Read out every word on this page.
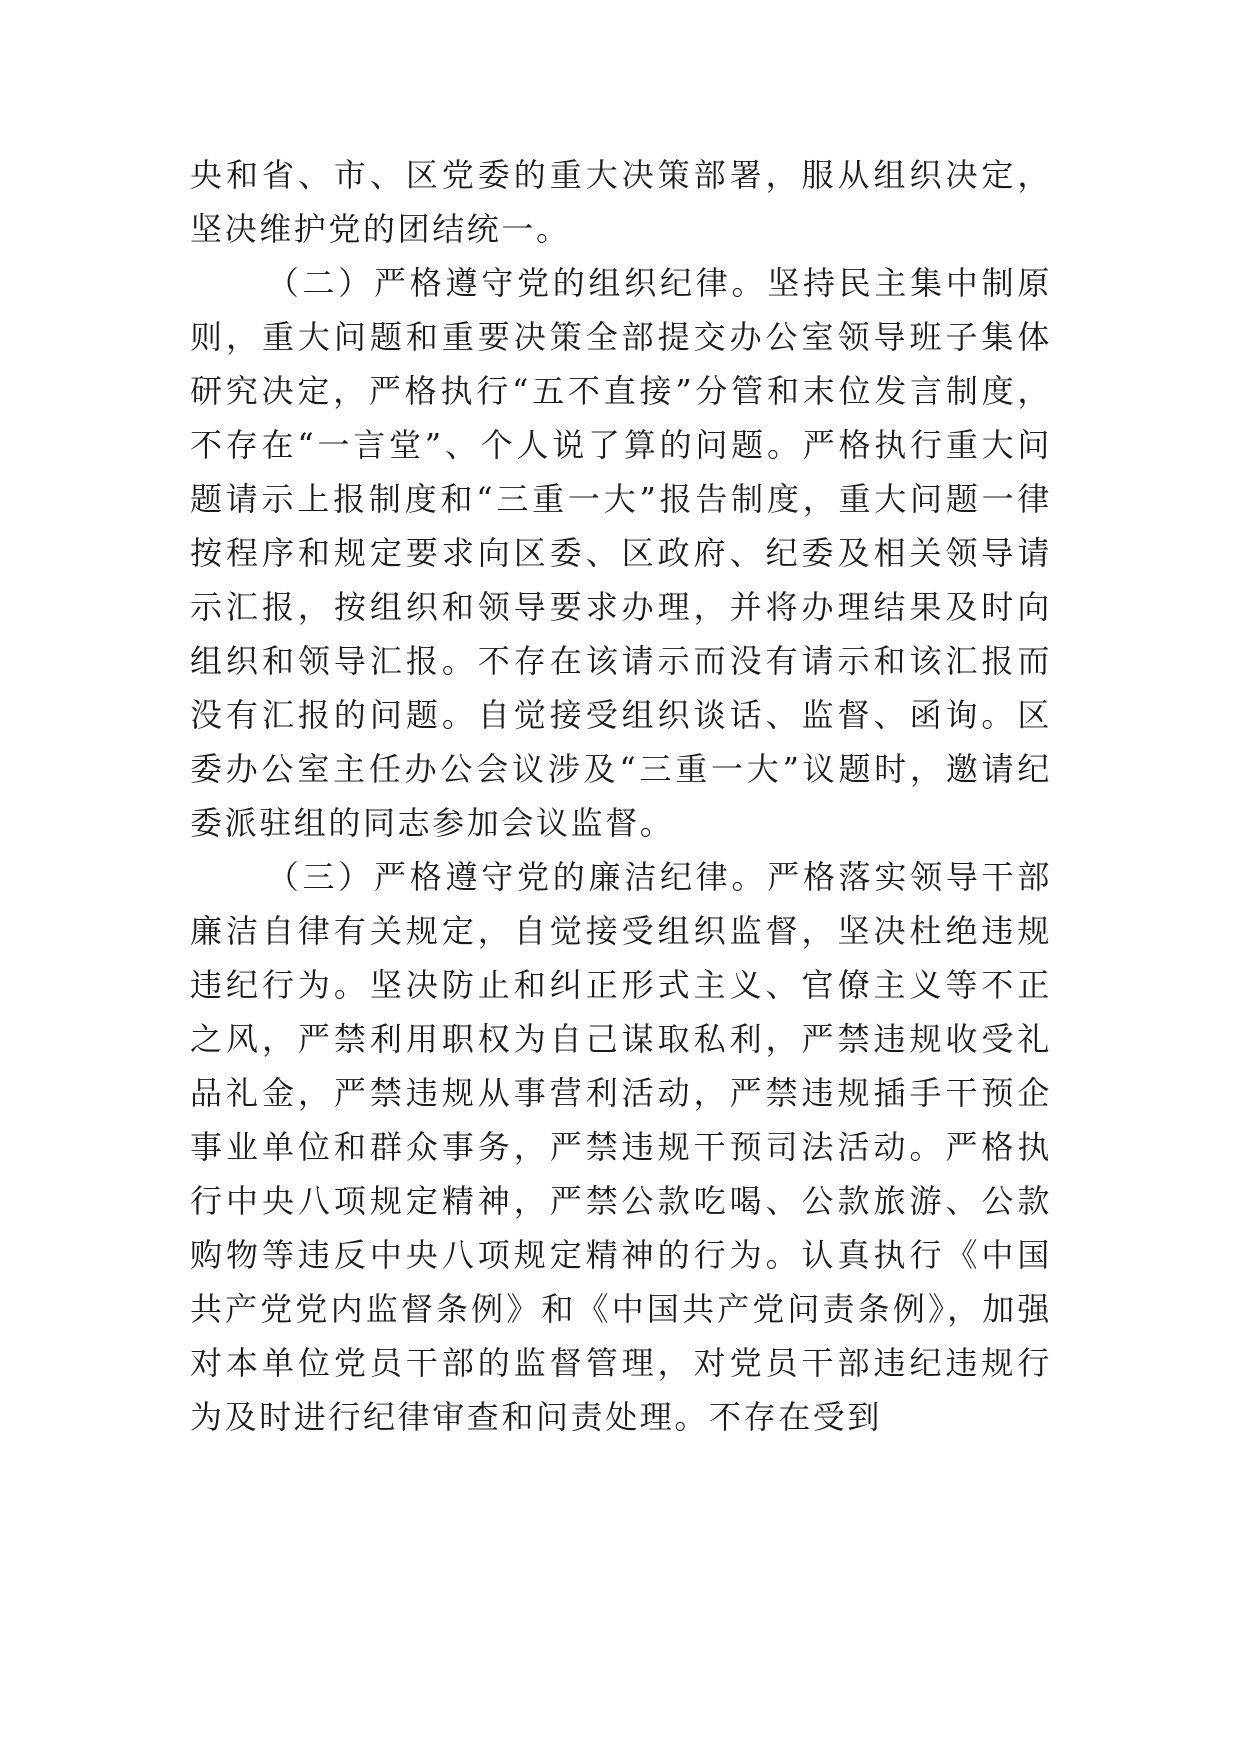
央和省、市、区党委的重大决策部署，服从组织决定，坚决维护党的团结统一。

（二）严格遵守党的组织纪律。坚持民主集中制原则，重大问题和重要决策全部提交办公室领导班子集体研究决定，严格执行“五不直接”分管和末位发言制度，不存在“一言堂”、个人说了算的问题。严格执行重大问题请示上报制度和“三重一大”报告制度，重大问题一律按程序和规定要求向区委、区政府、纪委及相关领导请示汇报，按组织和领导要求办理，并将办理结果及时向组织和领导汇报。不存在该请示而没有请示和该汇报而没有汇报的问题。自觉接受组织谈话、监督、函询。区委办公室主任办公会议涉及“三重一大”议题时，邀请纪委派驻组的同志参加会议监督。

（三）严格遵守党的廉洁纪律。严格落实领导干部廉洁自律有关规定，自觉接受组织监督，坚决杜绝违规违纪行为。坚决防止和纠正形式主义、官僚主义等不正之风，严禁利用职权为自己谋取私利，严禁违规收受礼品礼金，严禁违规从事营利活动，严禁违规插手干预企事业单位和群众事务，严禁违规干预司法活动。严格执行中央八项规定精神，严禁公款吃喝、公款旅游、公款购物等违反中央八项规定精神的行为。认真执行《中国共产党党内监督条例》和《中国共产党问责条例》，加强对本单位党员干部的监督管理，对党员干部违纪违规行为及时进行纪律审查和问责处理。不存在受到
